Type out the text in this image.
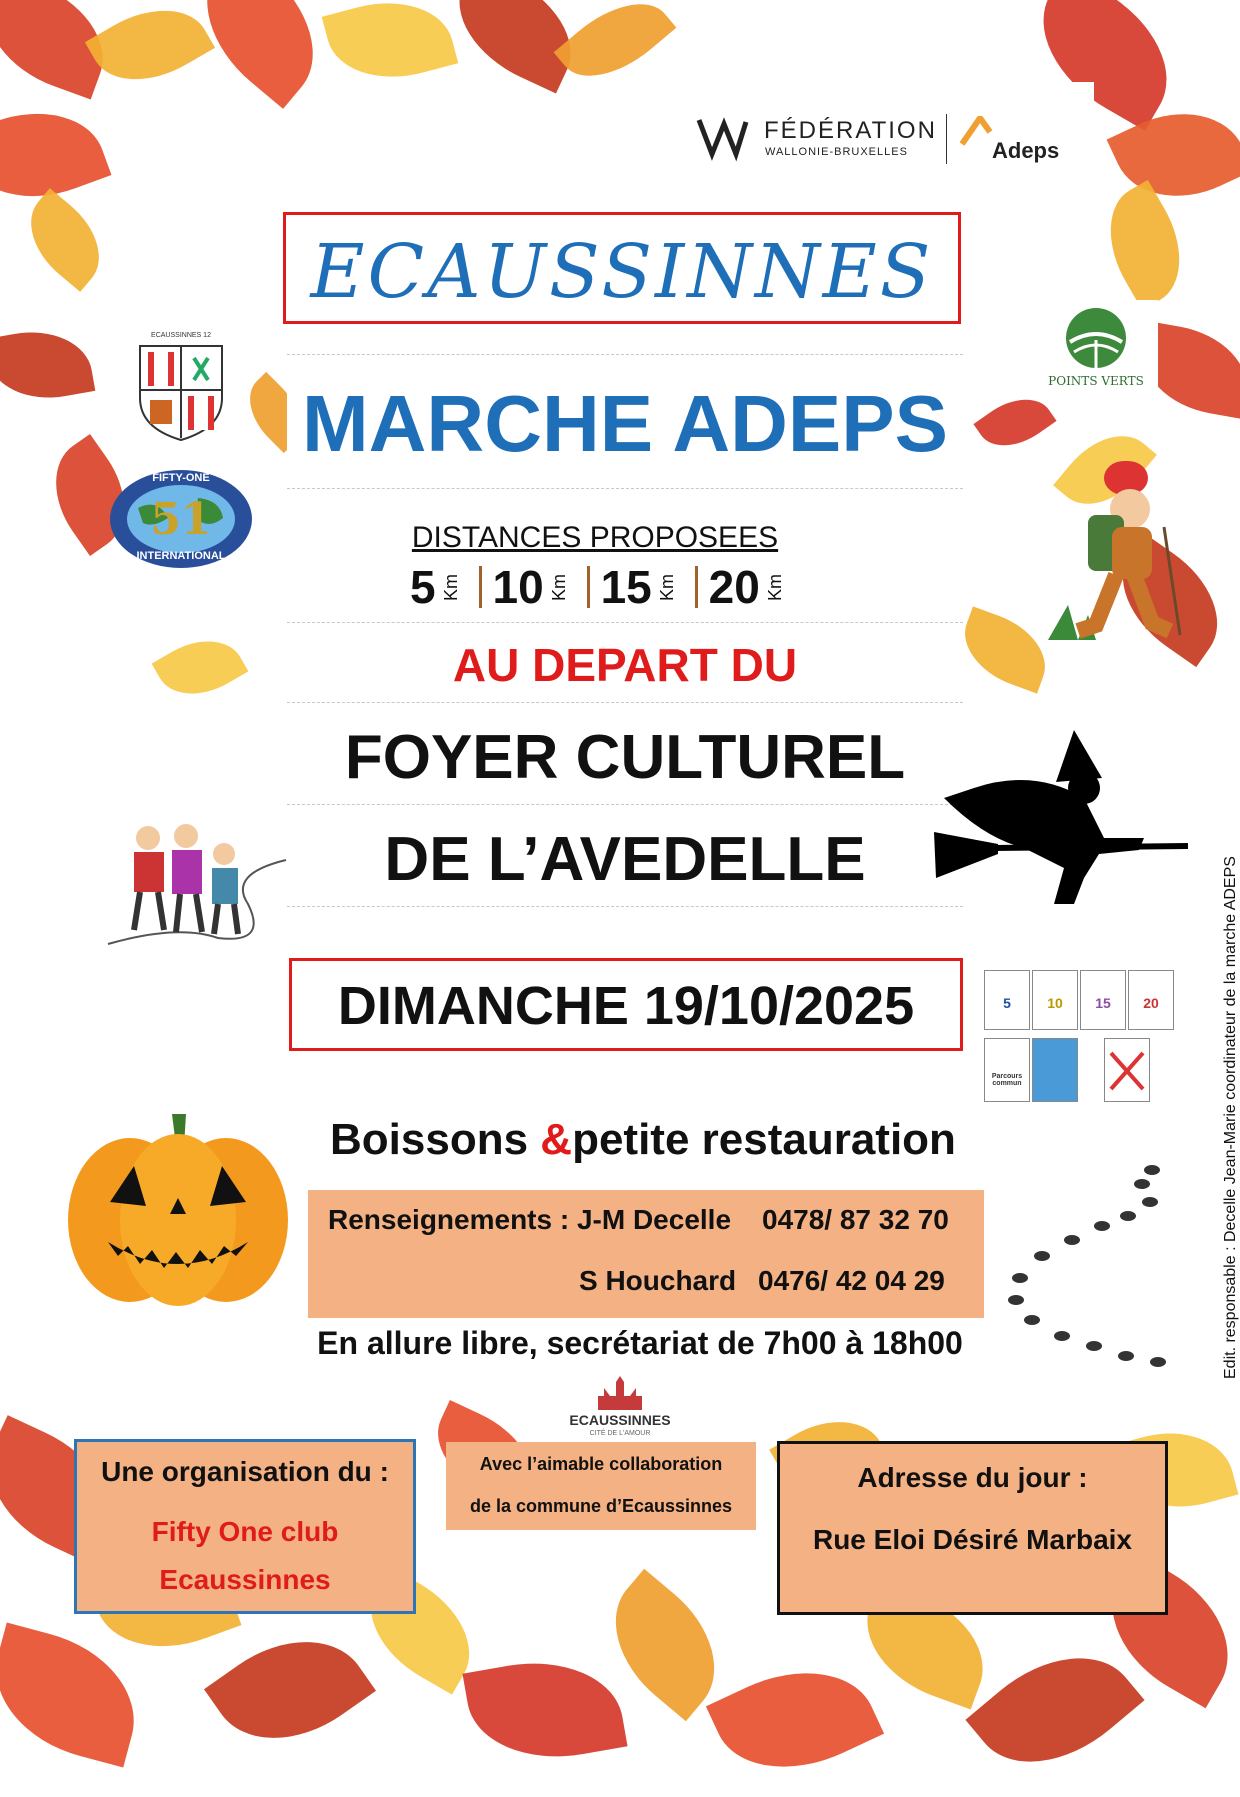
FÉDÉRATION
WALLONIE-BRUXELLES	Adeps
ECAUSSINNES
MARCHE ADEPS
DISTANCES PROPOSEES
5 Km 10 Km 15 Km 20 Km
AU DEPART DU
FOYER CULTUREL
DE L’AVEDELLE
DIMANCHE 19/10/2025
Boissons &petite restauration
Renseignements : J-M Decelle 0478/ 87 32 70
S Houchard 0476/ 42 04 29
En allure libre, secrétariat de 7h00 à 18h00
ECAUSSINNES
CITÉ DE L'AMOUR
Une organisation du :
Fifty One club
Ecaussinnes
Avec l’aimable collaboration
de la commune d’Ecaussinnes
Adresse du jour :
Rue Eloi Désiré Marbaix
Edit. responsable : Decelle Jean-Marie coordinateur de la marche ADEPS
ECAUSSINNES 12
FIFTY-ONE
51
INTERNATIONAL
POINTS VERTS
5	10	15	20
Parcours commun
